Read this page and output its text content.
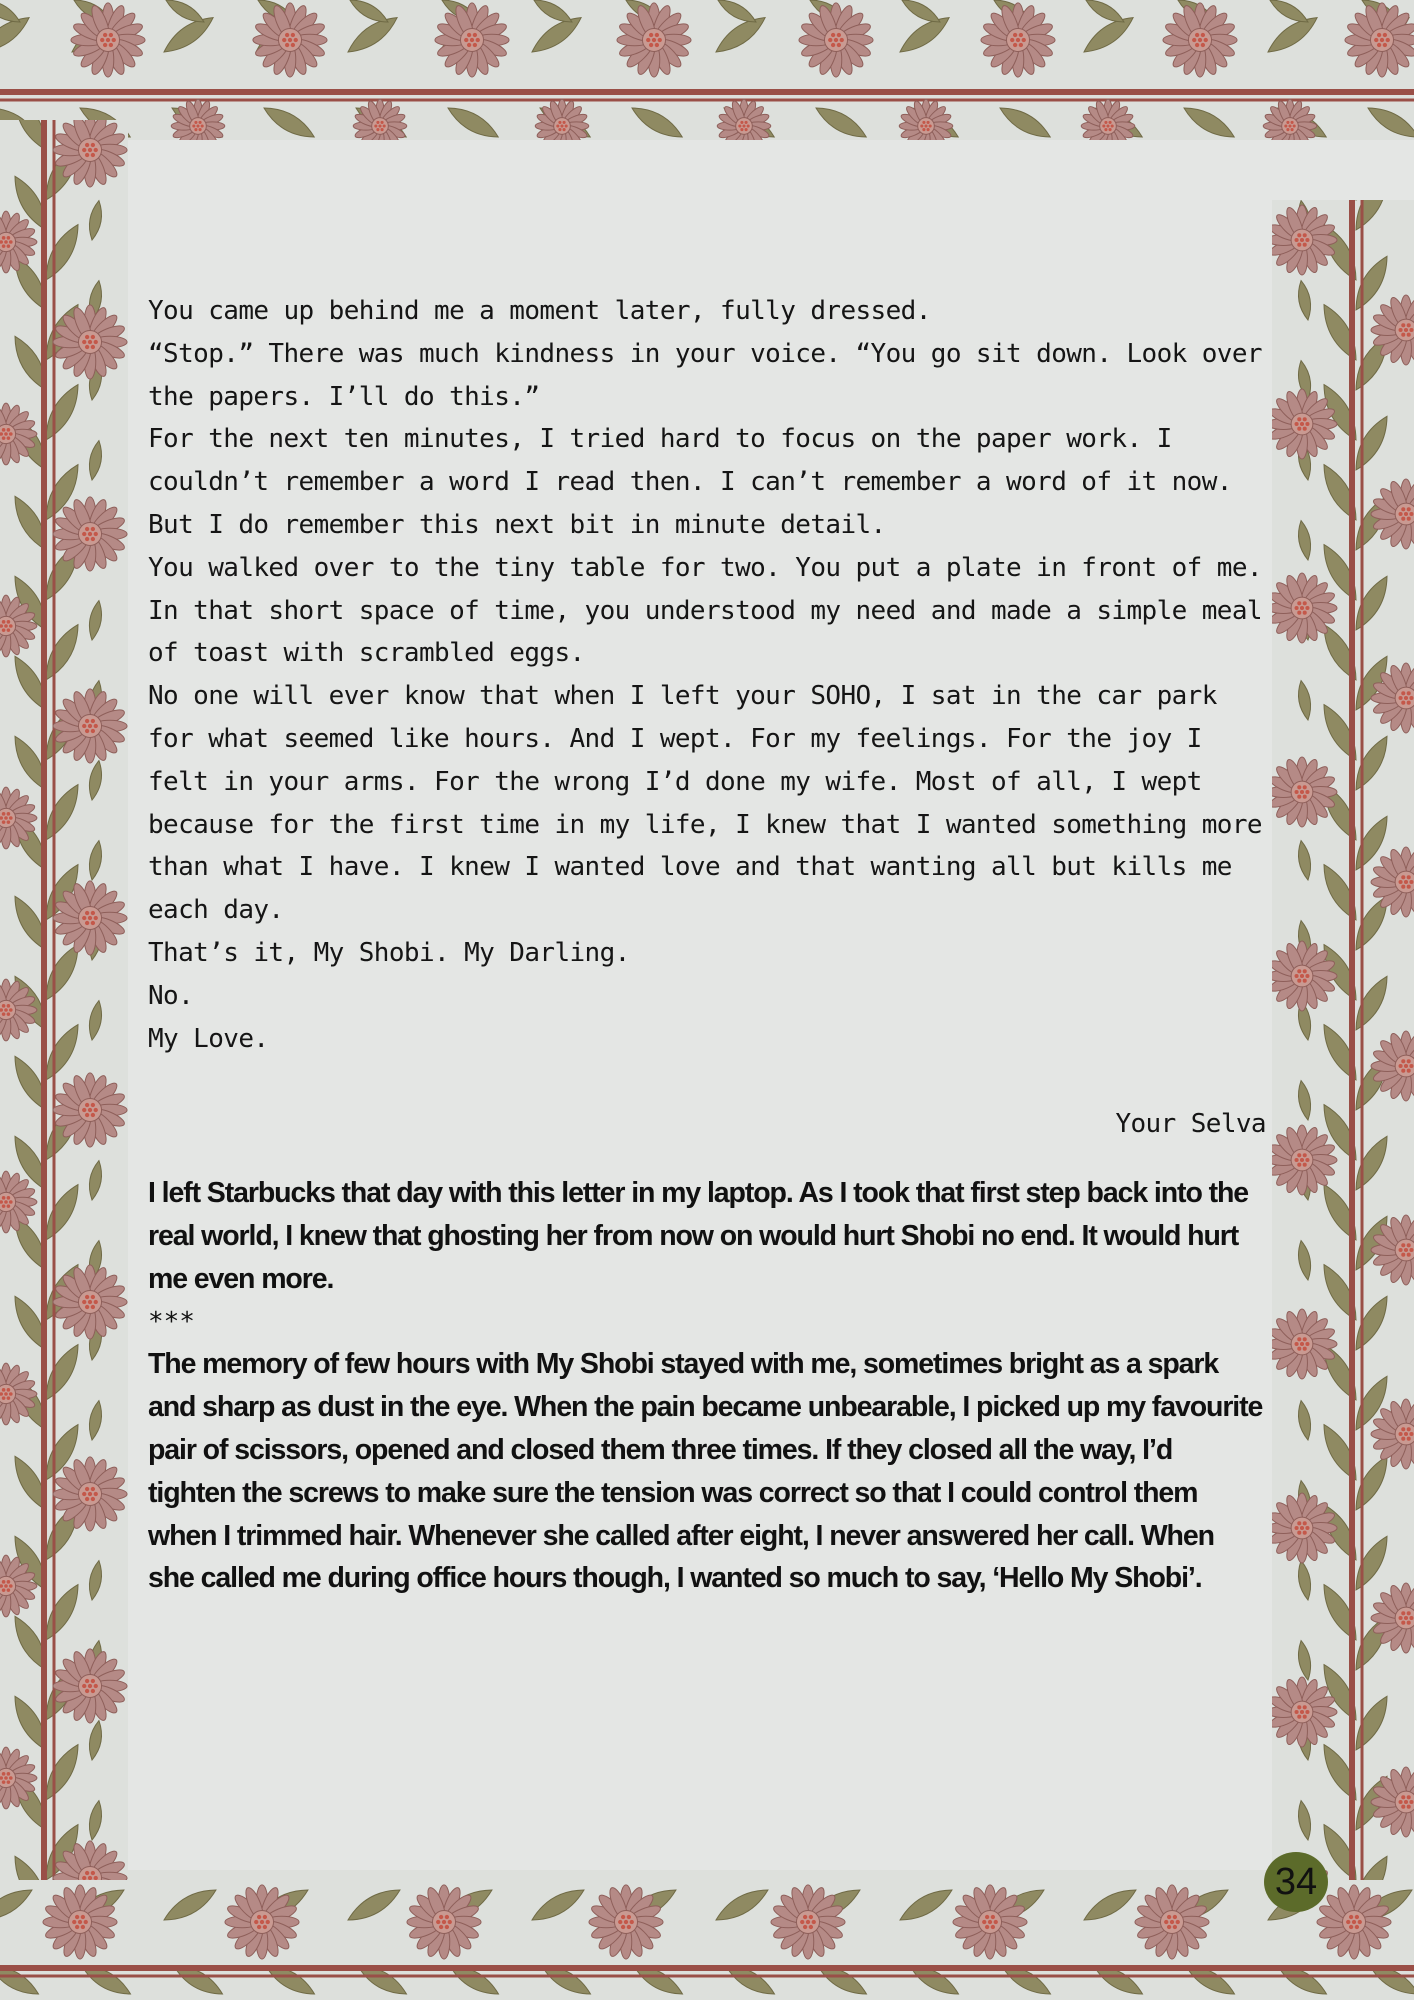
You came up behind me a moment later, fully dressed.

“Stop.” There was much kindness in your voice. “You go sit down. Look over the papers. I’ll do this.”

For the next ten minutes, I tried hard to focus on the paper work. I couldn’t remember a word I read then. I can’t remember a word of it now. But I do remember this next bit in minute detail.

You walked over to the tiny table for two. You put a plate in front of me. In that short space of time, you understood my need and made a simple meal of toast with scrambled eggs.

No one will ever know that when I left your SOHO, I sat in the car park for what seemed like hours. And I wept. For my feelings. For the joy I felt in your arms. For the wrong I’d done my wife. Most of all, I wept because for the first time in my life, I knew that I wanted something more than what I have. I knew I wanted love and that wanting all but kills me each day.

That’s it, My Shobi. My Darling.

No.

My Love.

Your Selva

I left Starbucks that day with this letter in my laptop. As I took that first step back into the real world, I knew that ghosting her from now on would hurt Shobi no end. It would hurt me even more.

***

The memory of few hours with My Shobi stayed with me, sometimes bright as a spark and sharp as dust in the eye. When the pain became unbearable, I picked up my favourite pair of scissors, opened and closed them three times. If they closed all the way, I’d tighten the screws to make sure the tension was correct so that I could control them when I trimmed hair. Whenever she called after eight, I never answered her call. When she called me during office hours though, I wanted so much to say, ‘Hello My Shobi’.

34
